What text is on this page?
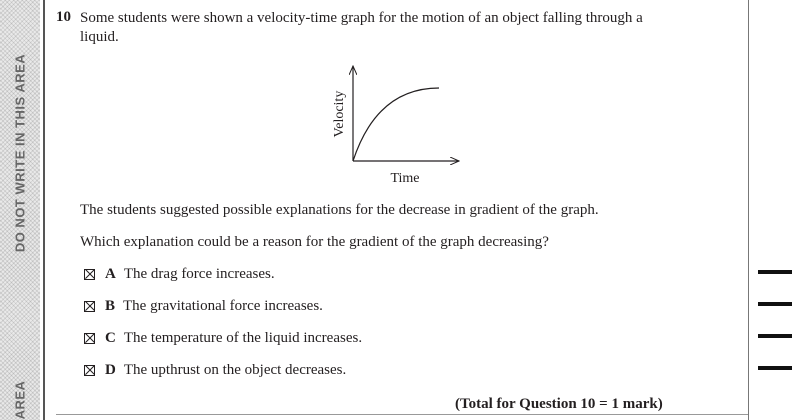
DO NOT WRITE IN THIS AREA
AREA
10 Some students were shown a velocity-time graph for the motion of an object falling through a liquid.
Velocity
Time
The students suggested possible explanations for the decrease in gradient of the graph.
Which explanation could be a reason for the gradient of the graph decreasing?
A The drag force increases.
B The gravitational force increases.
C The temperature of the liquid increases.
D The upthrust on the object decreases.
(Total for Question 10 = 1 mark)
